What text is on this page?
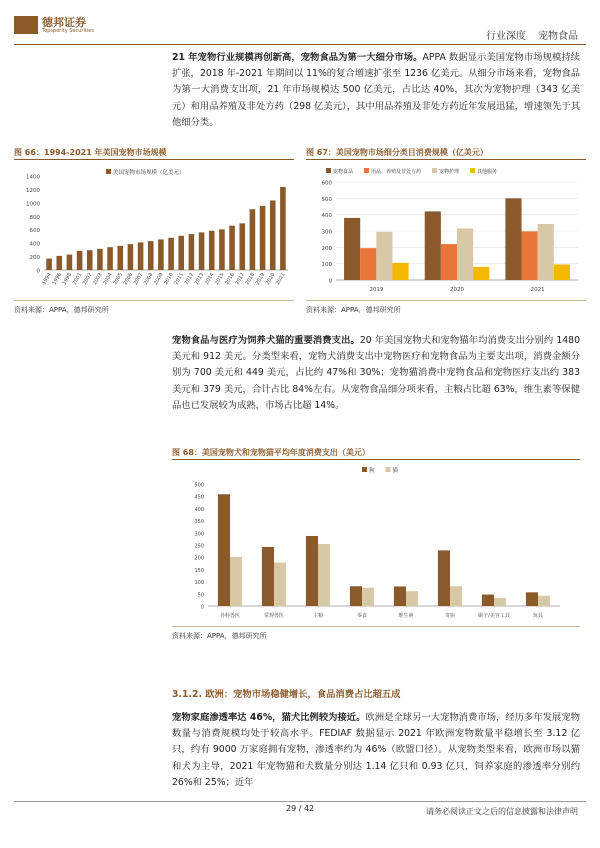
德邦证券
Topsperity Securities	行业深度 宠物食品
21 年宠物行业规模再创新高，宠物食品为第一大细分市场。APPA 数据显示美国宠物市场规模持续扩张，2018 年-2021 年期间以 11%的复合增速扩张至 1236 亿美元。从细分市场来看，宠物食品为第一大消费支出项，21 年市场规模达 500 亿美元，占比达 40%，其次为宠物护理（343 亿美元）和用品养殖及非处方药（298 亿美元），其中用品养殖及非处方药近年发展迅猛，增速领先于其他细分类。
图 66：1994-2021 年美国宠物市场规模
0
200
400
600
800
1000
1200
1400
1994
1996
1998
2001
2002
2003
2004
2005
2006
2007
2008
2009
2010
2011
2012
2013
2014
2015
2016
2017
2018
2019
2020
2021
美国宠物市场规模（亿美元）
资料来源：APPA，德邦研究所
图 67：美国宠物市场细分类目消费规模（亿美元）
0
100
200
300
400
500
600
2019	2020	2021
宠物食品	用品、养殖及非处方药	宠物护理	其他服务
资料来源：APPA，德邦研究所
宠物食品与医疗为饲养犬猫的重要消费支出。20 年美国宠物犬和宠物猫年均消费支出分别约 1480 美元和 912 美元。分类型来看，宠物犬消费支出中宠物医疗和宠物食品为主要支出项，消费金额分别为 700 美元和 449 美元，占比约 47%和 30%；宠物猫消费中宠物食品和宠物医疗支出约 383 美元和 379 美元，合计占比 84%左右。从宠物食品细分项来看，主粮占比超 63%，维生素等保健品也已发展较为成熟，市场占比超 14%。
图 68：美国宠物犬和宠物猫平均年度消费支出（美元）
0
50
100
150
200
250
300
350
400
450
500
外科兽医	常规兽医	主粮	零食	维生素	寄宿	刷子/美容工具	玩具
狗	猫
资料来源：APPA，德邦研究所
3.1.2. 欧洲：宠物市场稳健增长，食品消费占比超五成
宠物家庭渗透率达 46%，猫犬比例较为接近。欧洲是全球另一大宠物消费市场，经历多年发展宠物数量与消费规模均处于较高水平。FEDIAF 数据显示 2021 年欧洲宠物数量平稳增长至 3.12 亿只，约有 9000 万家庭拥有宠物，渗透率约为 46%（欧盟口径）。从宠物类型来看，欧洲市场以猫和犬为主导，2021 年宠物猫和犬数量分别达 1.14 亿只和 0.93 亿只，饲养家庭的渗透率分别约 26%和 25%；近年
29 / 42	请务必阅读正文之后的信息披露和法律声明
